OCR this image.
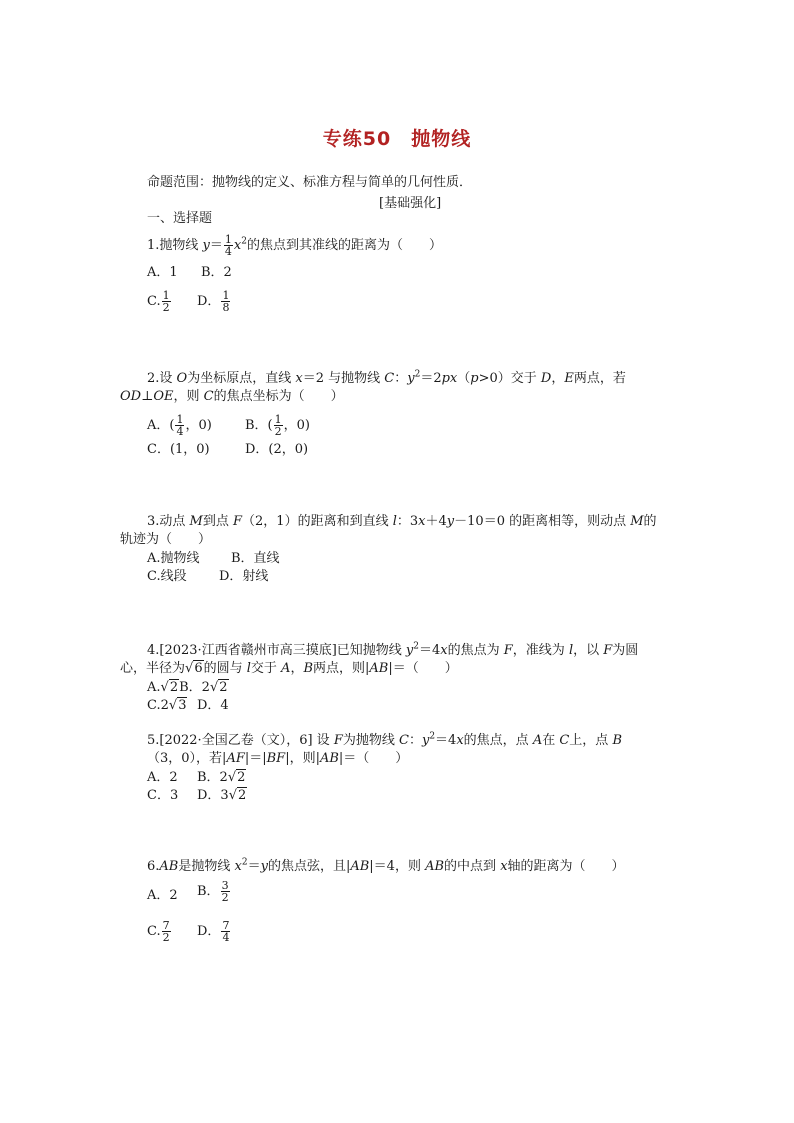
专练50　抛物线
命题范围：抛物线的定义、标准方程与简单的几何性质．
[基础强化]
一、选择题
1.抛物线 $y= \frac{1}{4} x^2$的焦点到其准线的距离为（　　）
A．1 B．2
C. $\frac{1}{2}$ D． $\frac{1}{8}$
2.设 O为坐标原点，直线 x＝2 与抛物线 C：$y^2=2px(p>0)$交于 D，E两点，若
OD⊥OE，则 C的焦点坐标为（　　）
A．( $\frac{1}{4}$ ，0)	B．( $\frac{1}{2}$ ，0)
C．(1，0)	D．(2，0)
3.动点 M到点 F（2，1）的距离和到直线 l：3x＋4y－10＝0 的距离相等，则动点 M的
轨迹为（　　）
A.抛物线 B．直线
C.线段 D．射线
4.[2023·江西省赣州市高三摸底]已知抛物线 $y^2=4x$的焦点为 F，准线为 l，以 F为圆
心，半径为√6的圆与 l交于 A，B两点，则|AB|＝（　　）
A.√2B．2√2
C.2√3 D．4
5.[2022·全国乙卷（文），6] 设 F为抛物线 C：$y^2=4x$的焦点，点 A在 C上，点 B
（3，0），若|AF|＝|BF|，则|AB|＝（　　）
A．2 B．2√2
C．3 D．3√2
6.AB是抛物线 $x^2=y$的焦点弦，且|AB|＝4，则 AB的中点到 x轴的距离为（　　）
A．2 B． $\frac{3}{2}$
C. $\frac{7}{2}$ D． $\frac{7}{4}$
